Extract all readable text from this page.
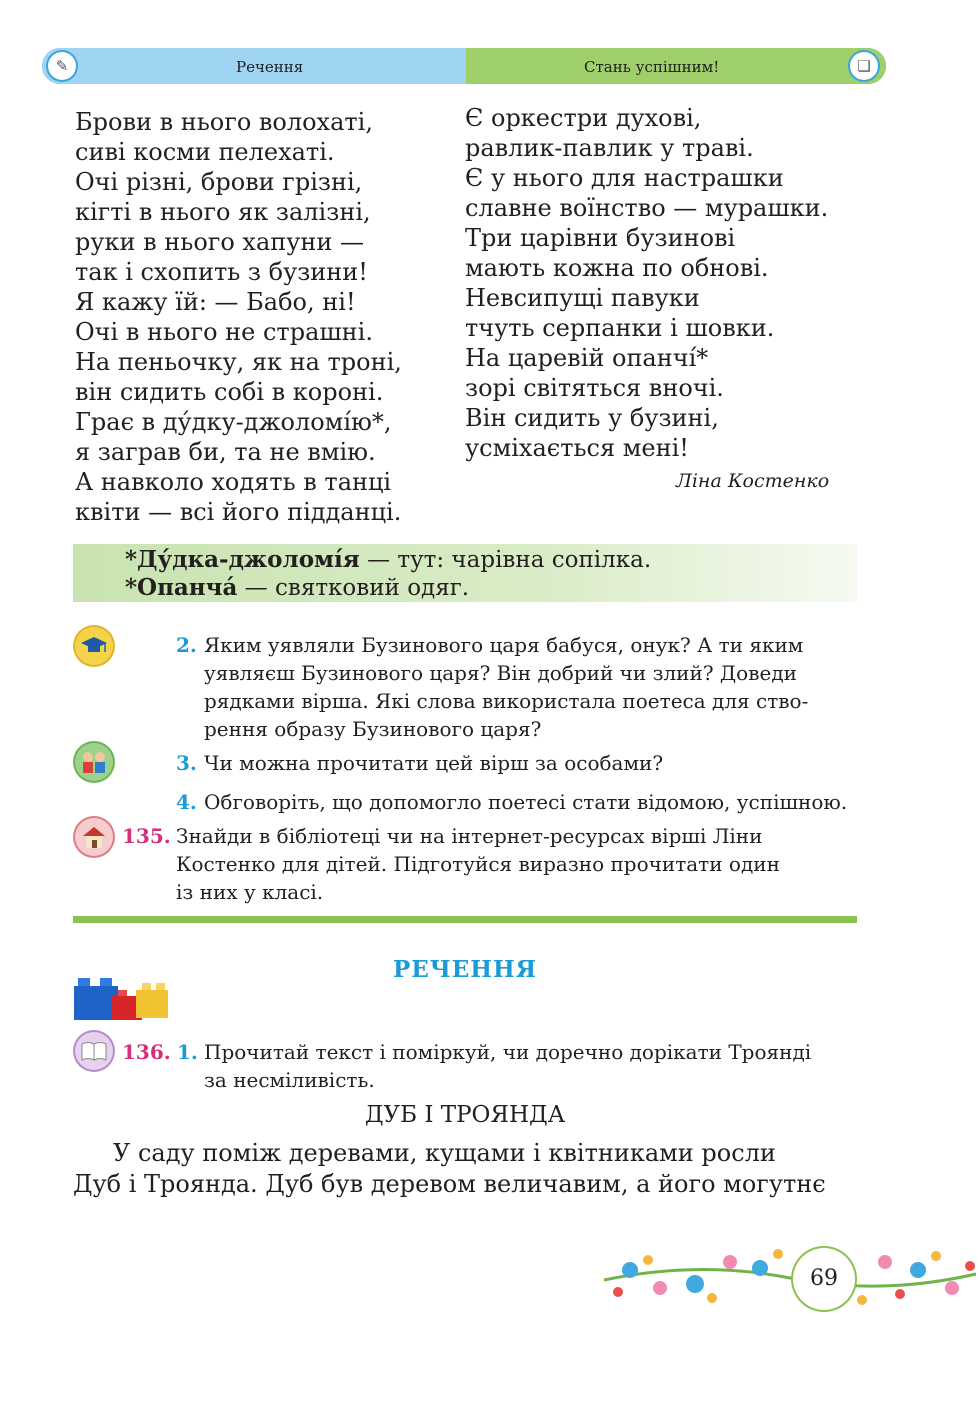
✎	Речення	Стань успішним!	❏
Брови в нього волохаті,
сиві косми пелехаті.
Очі різні, брови грізні,
кігті в нього як залізні,
руки в нього хапуни —
так і схопить з бузини!
Я кажу їй: — Бабо, ні!
Очі в нього не страшні.
На пеньочку, як на троні,
він сидить собі в короні.
Грає в ду́дку-джоломі́ю*,
я заграв би, та не вмію.
А навколо ходять в танці
квіти — всі його підданці.
Є оркестри духові,
равлик-павлик у траві.
Є у нього для настрашки
славне воїнство — мурашки.
Три царівни бузинові
мають кожна по обнові.
Невсипущі павуки
тчуть серпанки і шовки.
На царевій опанчі́*
зорі світяться вночі.
Він сидить у бузині,
усміхається мені!
Ліна Костенко
*Ду́дка-джоломі́я — тут: чарівна сопілка.
*Опанча́ — святковий одяг.
2. Яким уявляли Бузинового царя бабуся, онук? А ти яким
уявляєш Бузинового царя? Він добрий чи злий? Доведи
рядками вірша. Які слова використала поетеса для ство-
рення образу Бузинового царя?
3. Чи можна прочитати цей вірш за особами?
4. Обговоріть, що допомогло поетесі стати відомою, успішною.
135. Знайди в бібліотеці чи на інтернет-ресурсах вірші Ліни
Костенко для дітей. Підготуйся виразно прочитати один
із них у класі.
РЕЧЕННЯ
136. 1. Прочитай текст і поміркуй, чи доречно дорікати Троянді
за несміливість.
ДУБ І ТРОЯНДА
У саду поміж деревами, кущами і квітниками росли
Дуб і Троянда. Дуб був деревом величавим, а його могутнє
69
